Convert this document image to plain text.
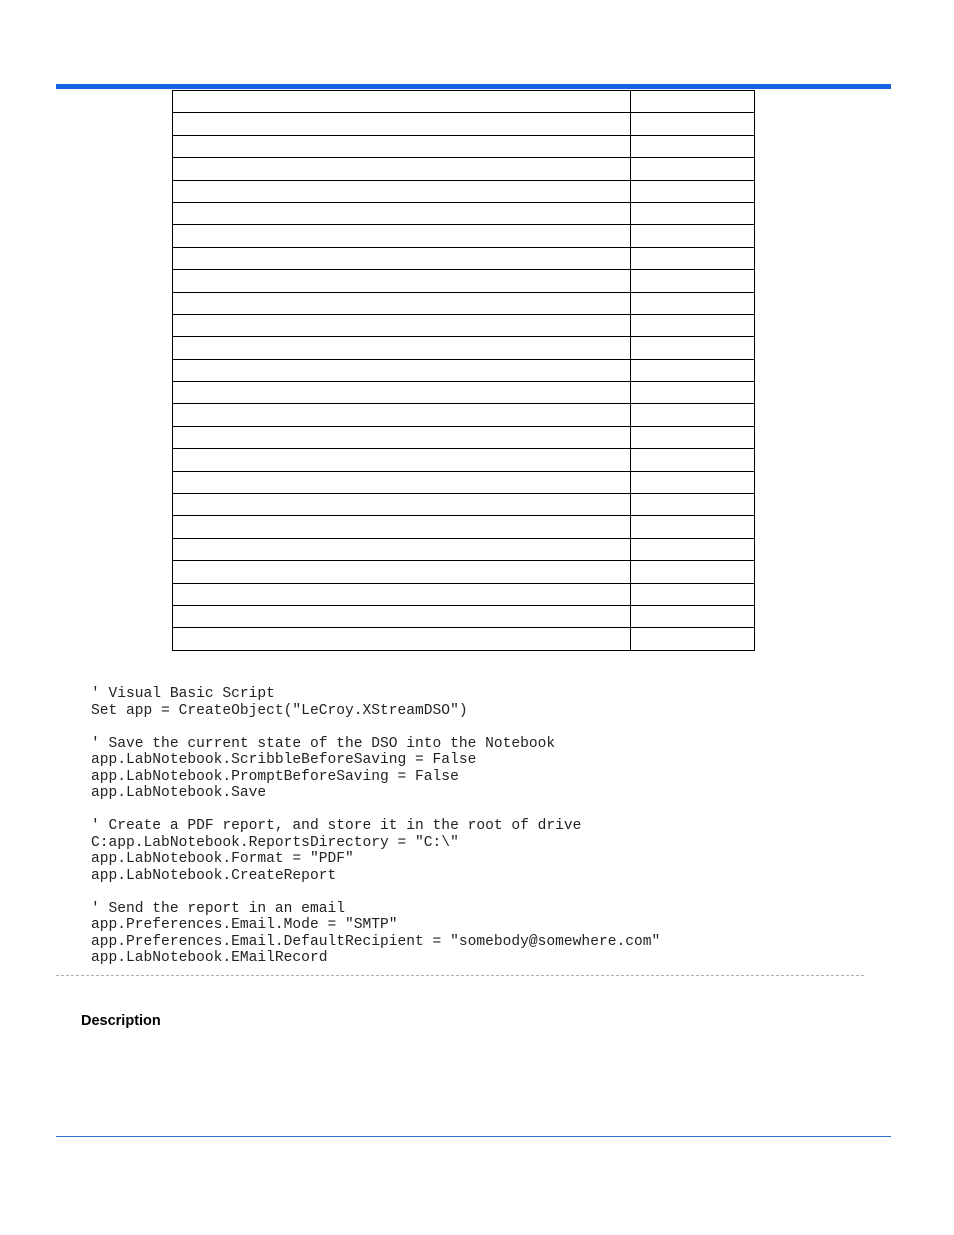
' Visual Basic Script
Set app = CreateObject("LeCroy.XStreamDSO")
' Save the current state of the DSO into the Notebook
app.LabNotebook.ScribbleBeforeSaving = False
app.LabNotebook.PromptBeforeSaving = False
app.LabNotebook.Save
' Create a PDF report, and store it in the root of drive
C:app.LabNotebook.ReportsDirectory = "C:\"
app.LabNotebook.Format = "PDF"
app.LabNotebook.CreateReport
' Send the report in an email
app.Preferences.Email.Mode = "SMTP"
app.Preferences.Email.DefaultRecipient = "somebody@somewhere.com"
app.LabNotebook.EMailRecord
Description
